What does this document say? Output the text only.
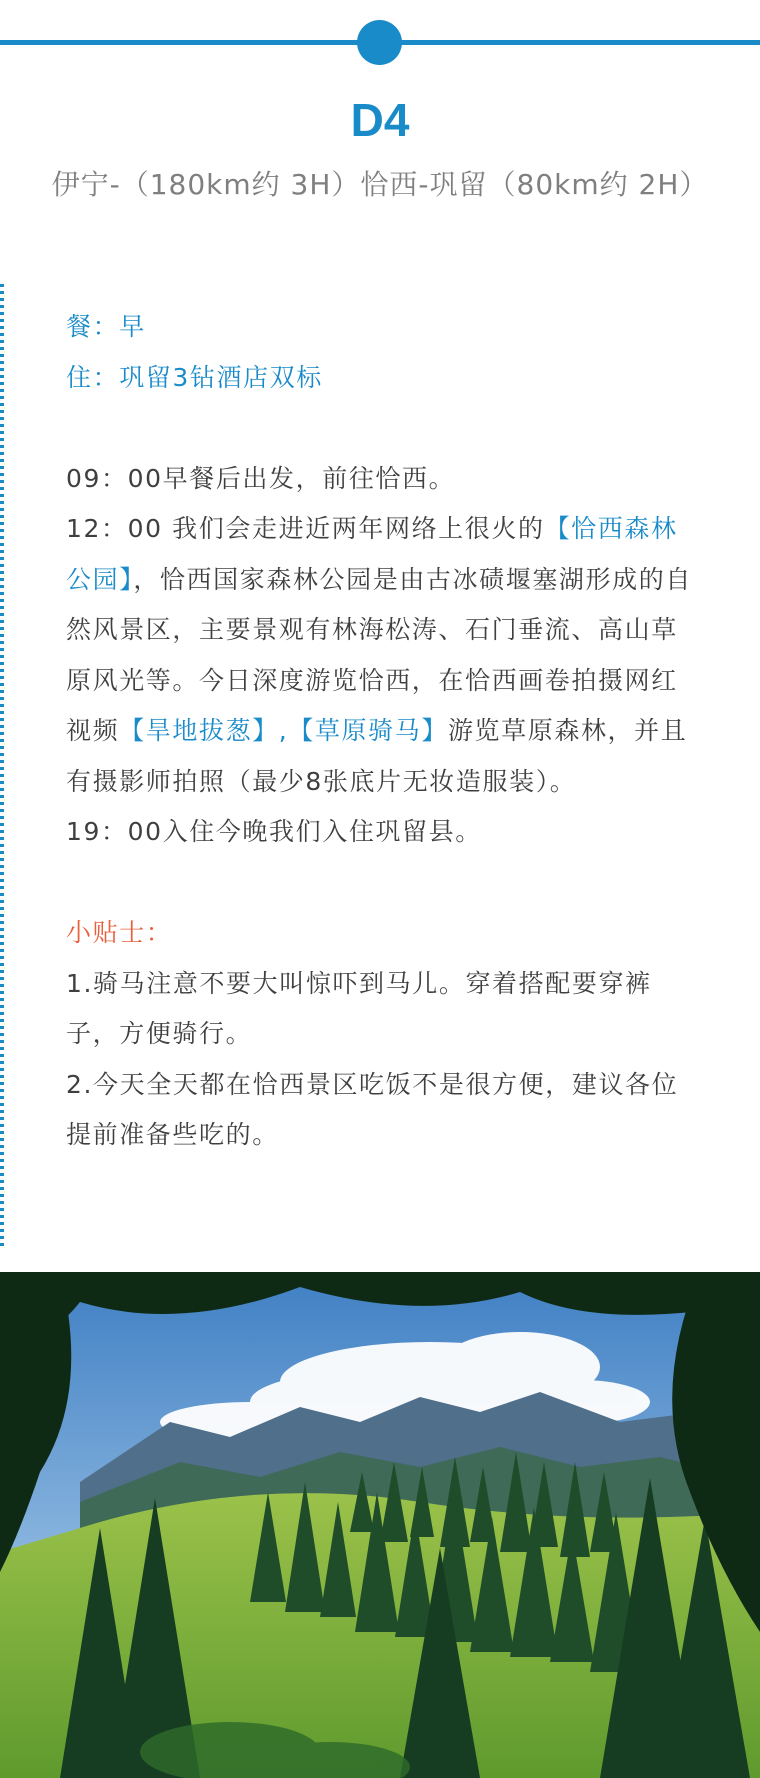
D4
伊宁-（180km约 3H）恰西-巩留（80km约 2H）

餐：早

住：巩留3钻酒店双标

09：00早餐后出发，前往恰西。

12：00 我们会走进近两年网络上很火的【恰西森林公园】，恰西国家森林公园是由古冰碛堰塞湖形成的自然风景区，主要景观有林海松涛、石门垂流、高山草原风光等。今日深度游览恰西，在恰西画卷拍摄网红视频【旱地拔葱】,【草原骑马】游览草原森林，并且有摄影师拍照（最少8张底片无妆造服装）。

19：00入住今晚我们入住巩留县。

小贴士：

1.骑马注意不要大叫惊吓到马儿。穿着搭配要穿裤子，方便骑行。

2.今天全天都在恰西景区吃饭不是很方便，建议各位提前准备些吃的。
